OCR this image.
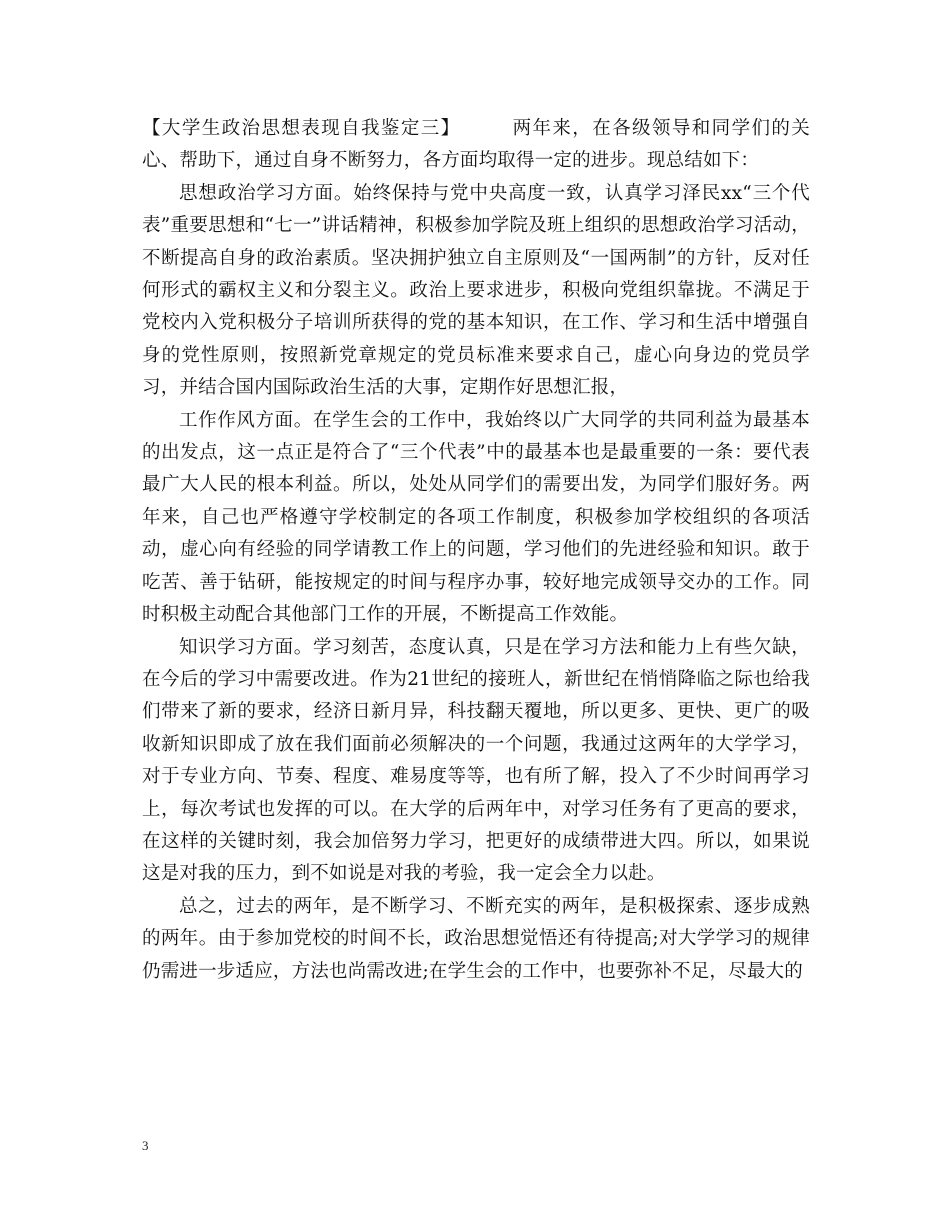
【大学生政治思想表现自我鉴定三】	两年来，在各级领导和同学们的关心、帮助下，通过自身不断努力，各方面均取得一定的进步。现总结如下：

思想政治学习方面。始终保持与党中央高度一致，认真学习泽民xx“三个代表”重要思想和“七一”讲话精神，积极参加学院及班上组织的思想政治学习活动，不断提高自身的政治素质。坚决拥护独立自主原则及“一国两制”的方针，反对任何形式的霸权主义和分裂主义。政治上要求进步，积极向党组织靠拢。不满足于党校内入党积极分子培训所获得的党的基本知识，在工作、学习和生活中增强自身的党性原则，按照新党章规定的党员标准来要求自己，虚心向身边的党员学习，并结合国内国际政治生活的大事，定期作好思想汇报，

工作作风方面。在学生会的工作中，我始终以广大同学的共同利益为最基本的出发点，这一点正是符合了“三个代表”中的最基本也是最重要的一条：要代表最广大人民的根本利益。所以，处处从同学们的需要出发，为同学们服好务。两年来，自己也严格遵守学校制定的各项工作制度，积极参加学校组织的各项活动，虚心向有经验的同学请教工作上的问题，学习他们的先进经验和知识。敢于吃苦、善于钻研，能按规定的时间与程序办事，较好地完成领导交办的工作。同时积极主动配合其他部门工作的开展，不断提高工作效能。

知识学习方面。学习刻苦，态度认真，只是在学习方法和能力上有些欠缺，在今后的学习中需要改进。作为21世纪的接班人，新世纪在悄悄降临之际也给我们带来了新的要求，经济日新月异，科技翻天覆地，所以更多、更快、更广的吸收新知识即成了放在我们面前必须解决的一个问题，我通过这两年的大学学习，对于专业方向、节奏、程度、难易度等等，也有所了解，投入了不少时间再学习上，每次考试也发挥的可以。在大学的后两年中，对学习任务有了更高的要求，在这样的关键时刻，我会加倍努力学习，把更好的成绩带进大四。所以，如果说这是对我的压力，到不如说是对我的考验，我一定会全力以赴。

总之，过去的两年，是不断学习、不断充实的两年，是积极探索、逐步成熟的两年。由于参加党校的时间不长，政治思想觉悟还有待提高;对大学学习的规律仍需进一步适应，方法也尚需改进;在学生会的工作中，也要弥补不足，尽最大的

3
